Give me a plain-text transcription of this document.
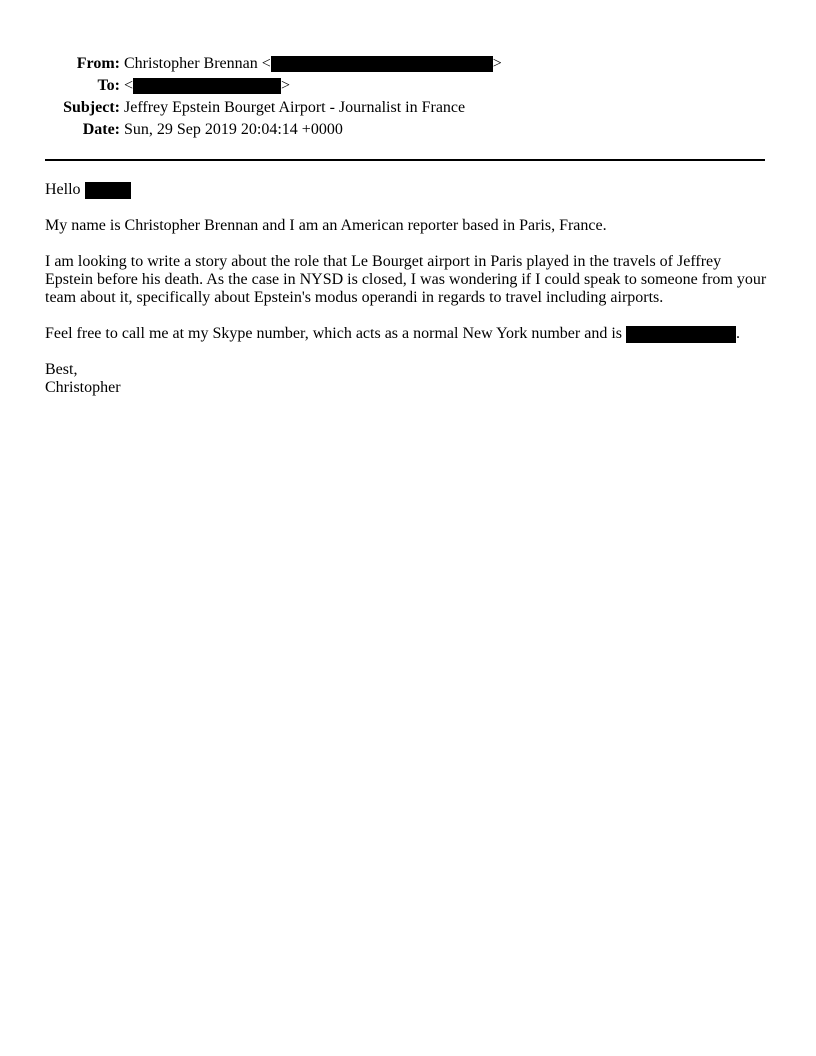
From: Christopher Brennan
<	>
To: <	>
Subject: Jeffrey Epstein Bourget Airport - Journalist in France
Date: Sun, 29 Sep 2019 20:04:14 +0000
Hello

My name is Christopher Brennan and I am an American reporter based in Paris, France.
I am looking to write a story about the role that Le Bourget airport in Paris played in the travels of Jeffrey
Epstein before his death. As the case in NYSD is closed, I was wondering if I could speak to someone from your
team about it, specifically about Epstein's modus operandi in regards to travel including airports.
Feel free to call me at my Skype number, which acts as a normal New York number and is
	.
Best,
Christopher
